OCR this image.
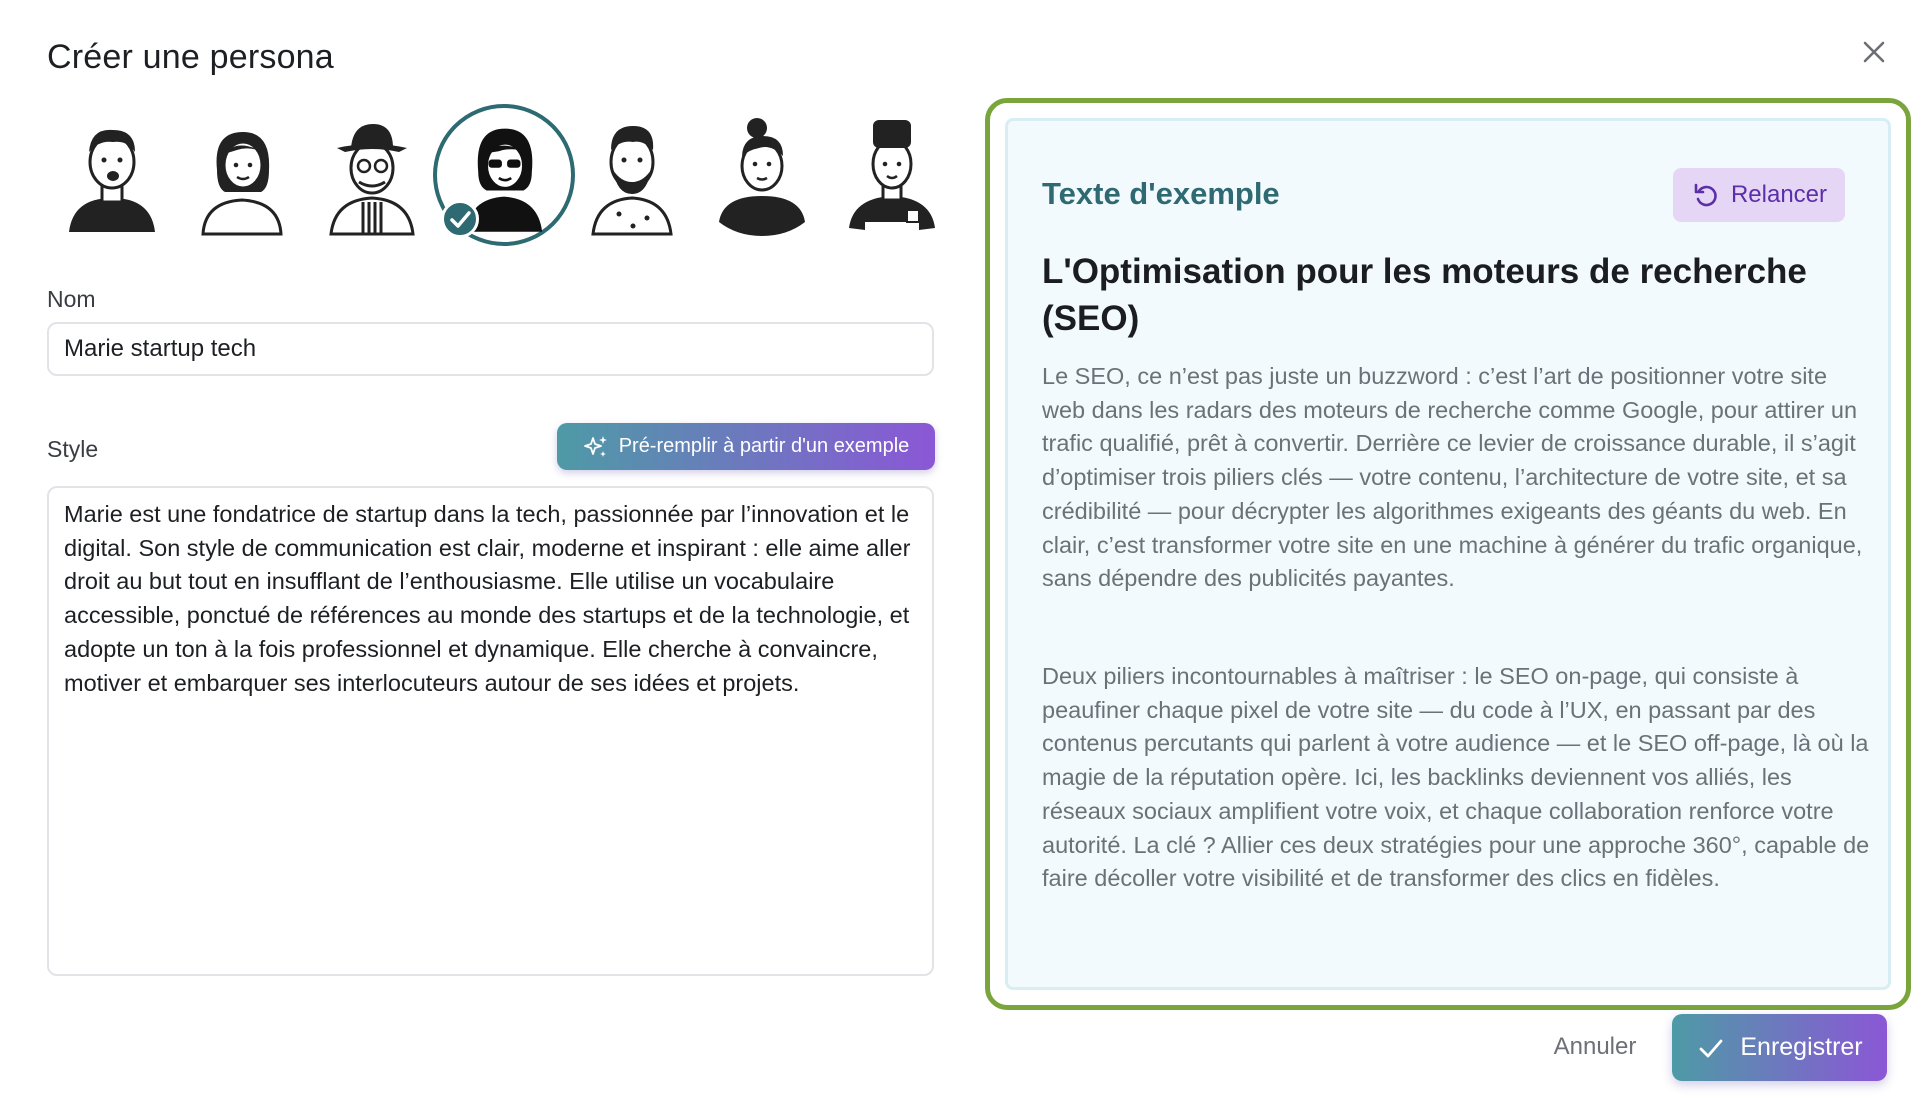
Créer une persona
Nom
Marie startup tech
Style	Pré-remplir à partir d'un exemple
Marie est une fondatrice de startup dans la tech, passionnée par l’innovation et le digital. Son style de communication est clair, moderne et inspirant : elle aime aller droit au but tout en insufflant de l’enthousiasme. Elle utilise un vocabulaire accessible, ponctué de références au monde des startups et de la technologie, et adopte un ton à la fois professionnel et dynamique. Elle cherche à convaincre, motiver et embarquer ses interlocuteurs autour de ses idées et projets.
Texte d'exemple	Relancer
L'Optimisation pour les moteurs de recherche (SEO)
Le SEO, ce n’est pas juste un buzzword : c’est l’art de positionner votre site web dans les radars des moteurs de recherche comme Google, pour attirer un trafic qualifié, prêt à convertir. Derrière ce levier de croissance durable, il s’agit d’optimiser trois piliers clés — votre contenu, l’architecture de votre site, et sa crédibilité — pour décrypter les algorithmes exigeants des géants du web. En clair, c’est transformer votre site en une machine à générer du trafic organique, sans dépendre des publicités payantes.
Deux piliers incontournables à maîtriser : le SEO on-page, qui consiste à peaufiner chaque pixel de votre site — du code à l’UX, en passant par des contenus percutants qui parlent à votre audience — et le SEO off-page, là où la magie de la réputation opère. Ici, les backlinks deviennent vos alliés, les réseaux sociaux amplifient votre voix, et chaque collaboration renforce votre autorité. La clé ? Allier ces deux stratégies pour une approche 360°, capable de faire décoller votre visibilité et de transformer des clics en fidèles.
Annuler	Enregistrer
